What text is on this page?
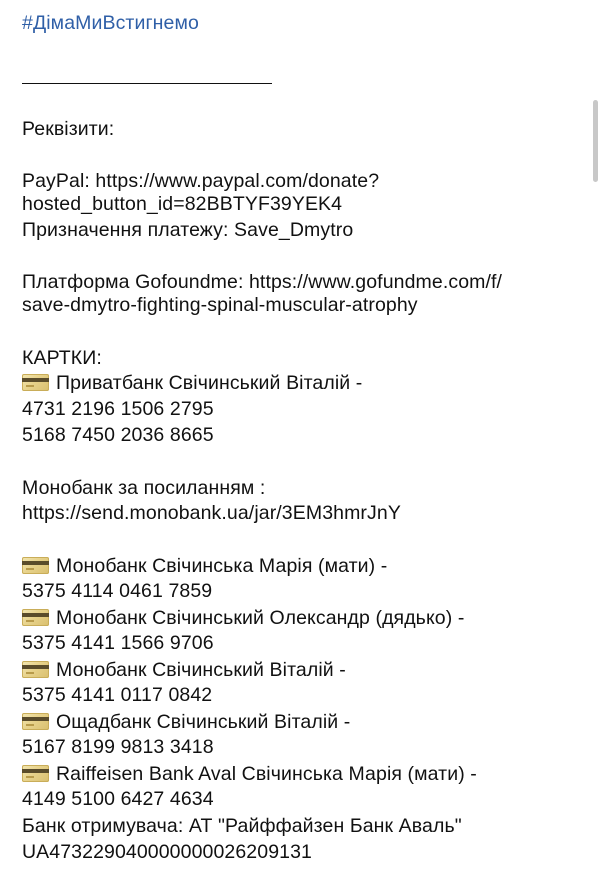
#ДімаМиВстигнемо
Реквізити:
PayPal: https://www.paypal.com/donate?
hosted_button_id=82BBTYF39YEK4
Призначення платежу: Save_Dmytro
Платформа Gofoundme: https://www.gofundme.com/f/
save-dmytro-fighting-spinal-muscular-atrophy
КАРТКИ:
Приватбанк Свічинський Віталій -
4731 2196 1506 2795
5168 7450 2036 8665
Монобанк за посиланням :
https://send.monobank.ua/jar/3EM3hmrJnY
Монобанк Свічинська Марія (мати) -
5375 4114 0461 7859
Монобанк Свічинський Олександр (дядько) -
5375 4141 1566 9706
Монобанк Свічинський Віталій -
5375 4141 0117 0842
Ощадбанк Свічинський Віталій -
5167 8199 9813 3418
Raiffeisen Bank Aval Свічинська Марія (мати) -
4149 5100 6427 4634
Банк отримувача: АТ "Райффайзен Банк Аваль"
UA473229040000000026209131
